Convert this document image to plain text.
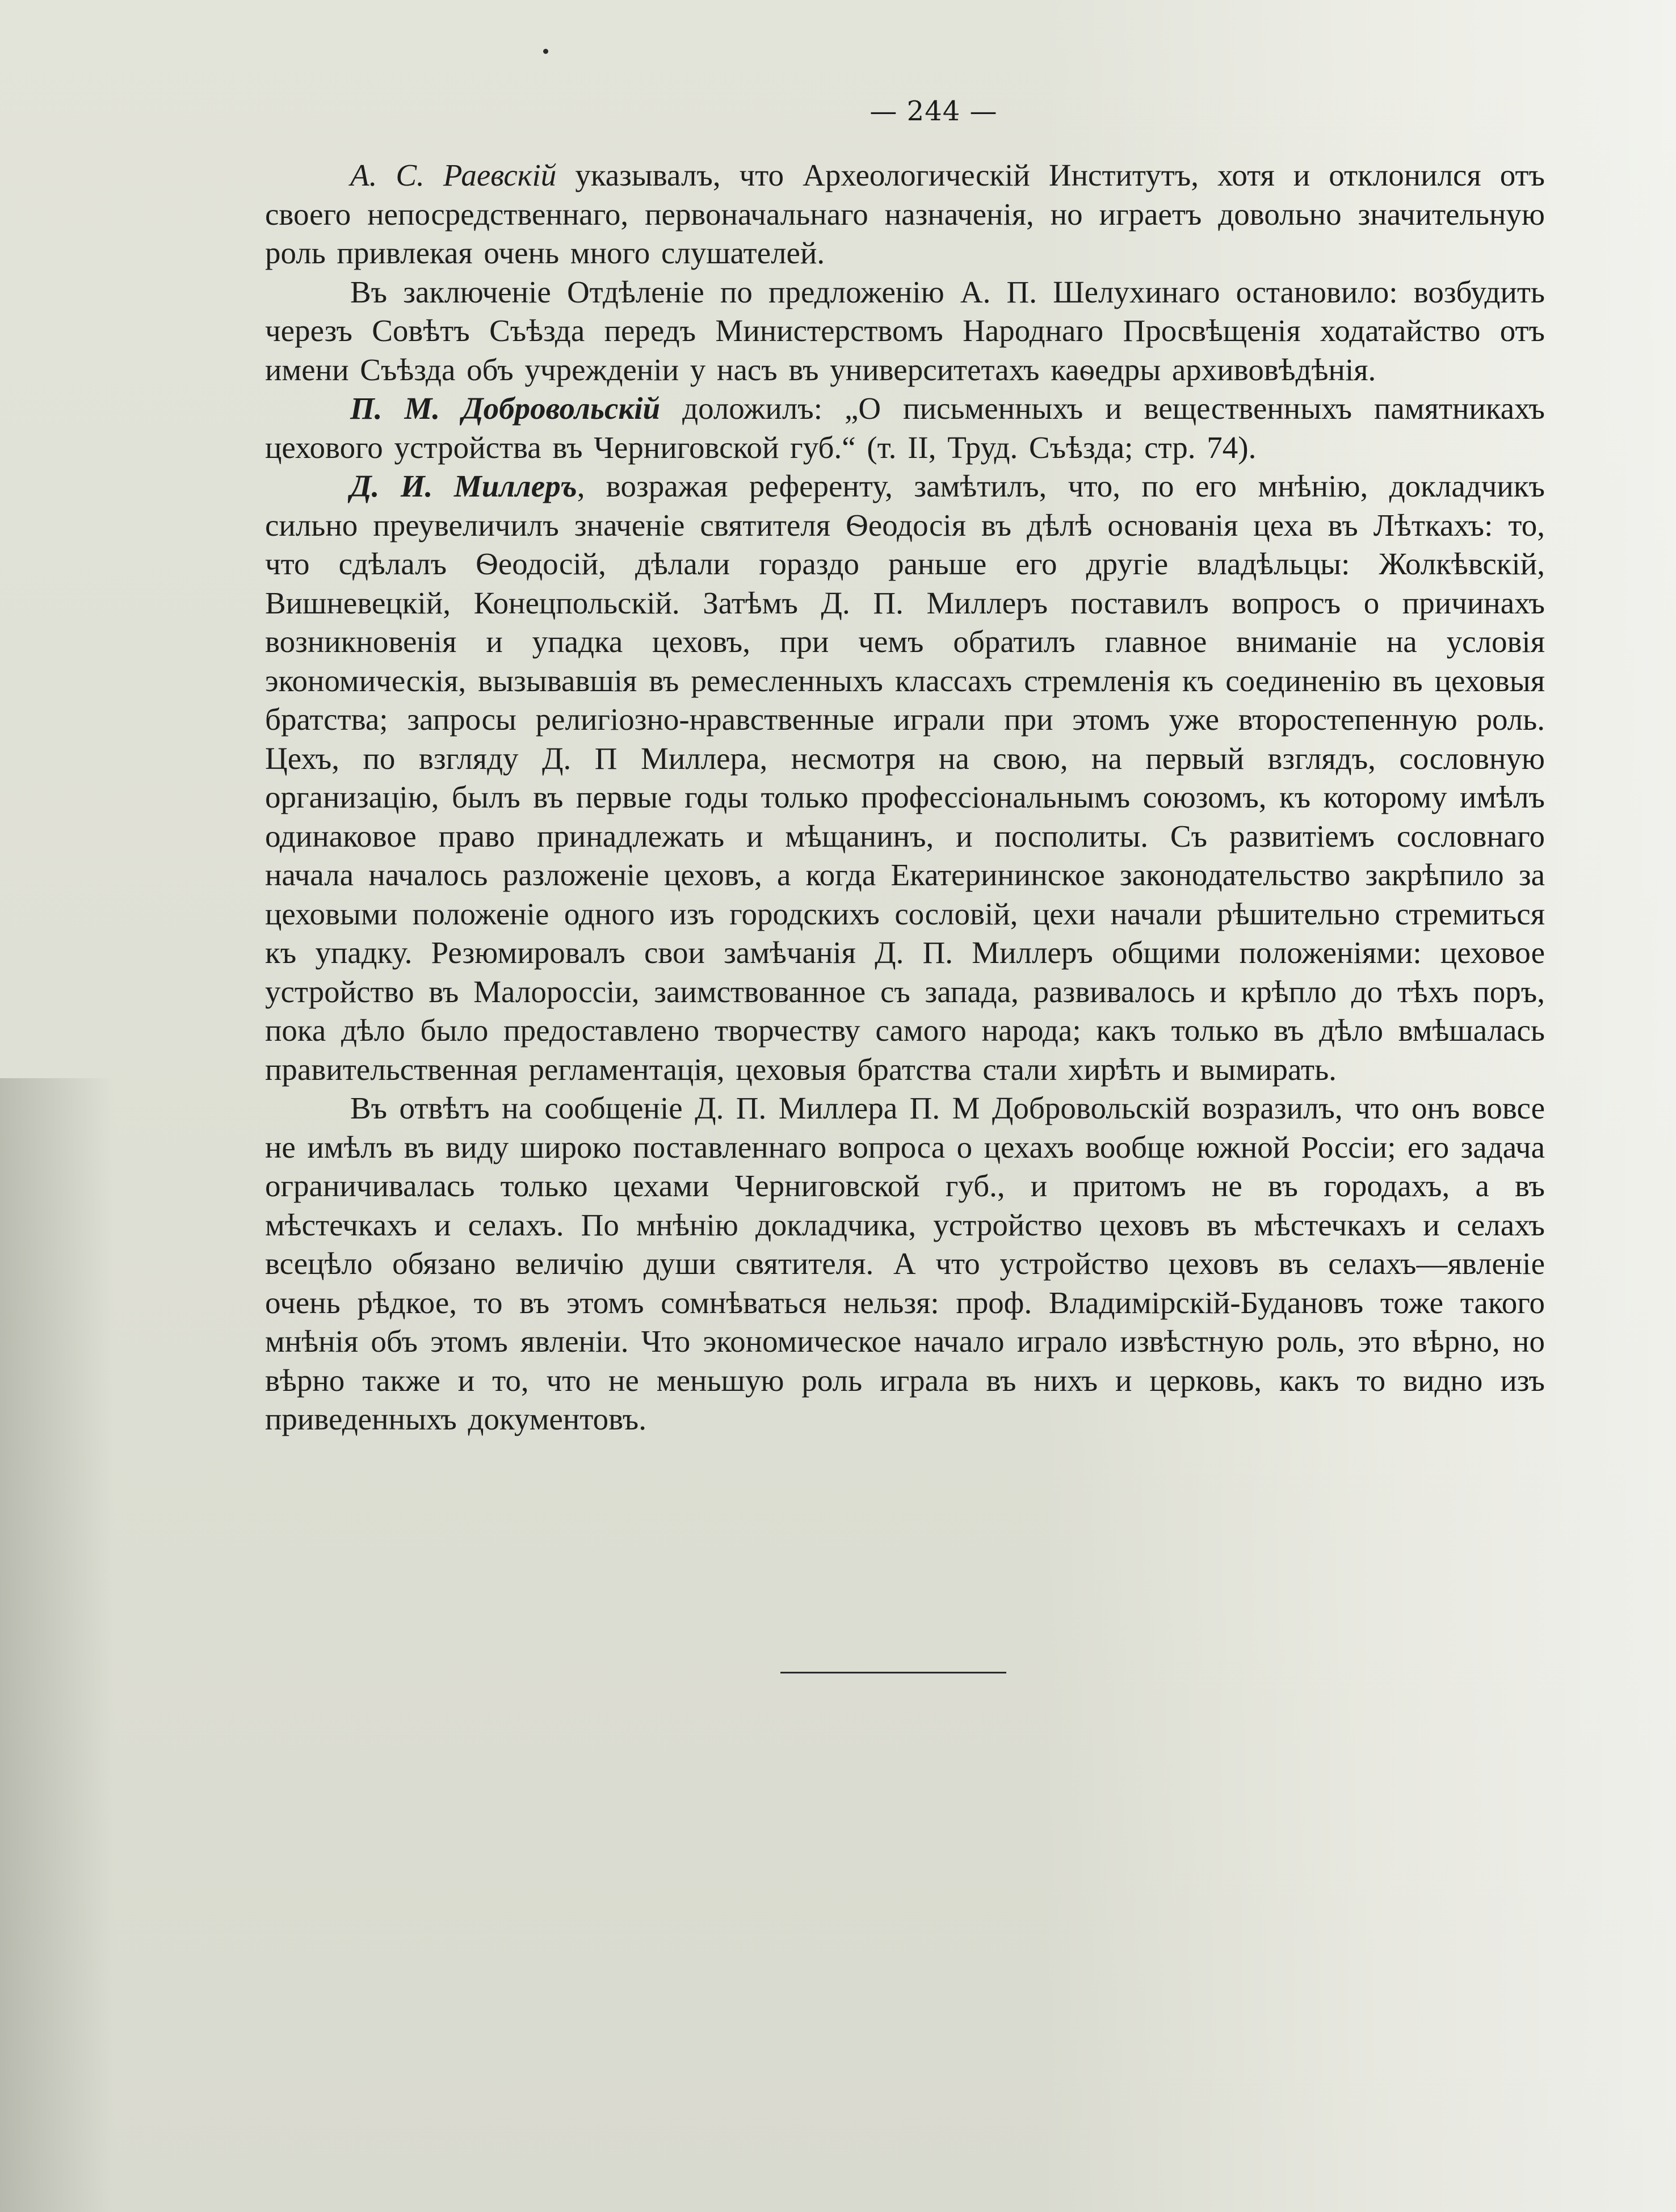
— 244 —

А. С. Раевскій указывалъ, что Археологическій Институтъ, хотя и отклонился отъ своего непосредственнаго, первоначальнаго назначенія, но играетъ довольно значительную роль привлекая очень много слушателей.

Въ заключеніе Отдѣленіе по предложенію А. П. Шелухинаго остановило: возбудить черезъ Совѣтъ Съѣзда передъ Министерствомъ Народнаго Просвѣщенія ходатайство отъ имени Съѣзда объ учрежденіи у насъ въ университетахъ каѳедры архивовѣдѣнія.

П. М. Добровольскій доложилъ: „О письменныхъ и вещественныхъ памятникахъ цехового устройства въ Черниговской губ.“ (т. II, Труд. Съѣзда; стр. 74).

Д. И. Миллеръ, возражая референту, замѣтилъ, что, по его мнѣнію, докладчикъ сильно преувеличилъ значеніе святителя Ѳеодосія въ дѣлѣ основанія цеха въ Лѣткахъ: то, что сдѣлалъ Ѳеодосій, дѣлали гораздо раньше его другіе владѣльцы: Жолкѣвскій, Вишневецкій, Конецпольскій. Затѣмъ Д. П. Миллеръ поставилъ вопросъ о причинахъ возникновенія и упадка цеховъ, при чемъ обратилъ главное вниманіе на условія экономическія, вызывавшія въ ремесленныхъ классахъ стремленія къ соединенію въ цеховыя братства; запросы религіозно-нравственные играли при этомъ уже второстепенную роль. Цехъ, по взгляду Д. П Миллера, несмотря на свою, на первый взглядъ, сословную организацію, былъ въ первые годы только профессіональнымъ союзомъ, къ которому имѣлъ одинаковое право принадлежать и мѣщанинъ, и посполиты. Съ развитіемъ сословнаго начала началось разложеніе цеховъ, а когда Екатерининское законодательство закрѣпило за цеховыми положеніе одного изъ городскихъ сословій, цехи начали рѣшительно стремиться къ упадку. Резюмировалъ свои замѣчанія Д. П. Миллеръ общими положеніями: цеховое устройство въ Малороссіи, заимствованное съ запада, развивалось и крѣпло до тѣхъ поръ, пока дѣло было предоставлено творчеству самого народа; какъ только въ дѣло вмѣшалась правительственная регламентація, цеховыя братства стали хирѣть и вымирать.

Въ отвѣтъ на сообщеніе Д. П. Миллера П. М Добровольскій возразилъ, что онъ вовсе не имѣлъ въ виду широко поставленнаго вопроса о цехахъ вообще южной Россіи; его задача ограничивалась только цехами Черниговской губ., и притомъ не въ городахъ, а въ мѣстечкахъ и селахъ. По мнѣнію докладчика, устройство цеховъ въ мѣстечкахъ и селахъ всецѣло обязано величію души святителя. А что устройство цеховъ въ селахъ—явленіе очень рѣдкое, то въ этомъ сомнѣваться нельзя: проф. Владимірскій-Будановъ тоже такого мнѣнія объ этомъ явленіи. Что экономическое начало играло извѣстную роль, это вѣрно, но вѣрно также и то, что не меньшую роль играла въ нихъ и церковь, какъ то видно изъ приведенныхъ документовъ.
